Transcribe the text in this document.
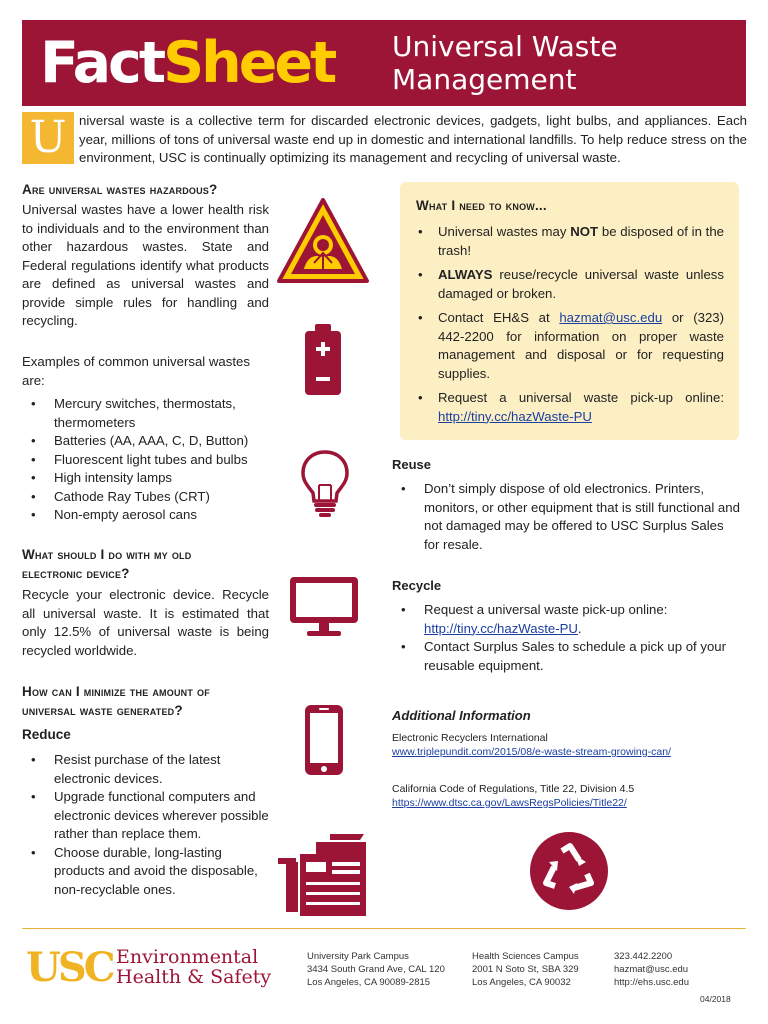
FactSheet Universal Waste
Management
U niversal waste is a collective term for discarded electronic devices, gadgets, light bulbs, and appliances. Each year, millions of tons of universal waste end up in domestic and international landfills. To help reduce stress on the environment, USC is continually optimizing its management and recycling of universal waste.
Are universal wastes hazardous?
Universal wastes have a lower health risk to individuals and to the environment than other hazardous wastes. State and Federal regulations identify what products are defined as universal wastes and provide simple rules for handling and recycling.
Examples of common universal wastes are:
• Mercury switches, thermostats, thermometers
• Batteries (AA, AAA, C, D, Button)
• Fluorescent light tubes and bulbs
• High intensity lamps
• Cathode Ray Tubes (CRT)
• Non-empty aerosol cans
What should I do with my old
electronic device?
Recycle your electronic device. Recycle all universal waste. It is estimated that only 12.5% of universal waste is being recycled worldwide.
How can I minimize the amount of
universal waste generated?
Reduce
• Resist purchase of the latest electronic devices.
• Upgrade functional computers and electronic devices wherever possible rather than replace them.
• Choose durable, long-lasting products and avoid the disposable, non-recyclable ones.
What I need to know...
• Universal wastes may NOT be disposed of in the trash!
• ALWAYS reuse/recycle universal waste unless damaged or broken.
• Contact EH&S at hazmat@usc.edu or (323) 442-2200 for information on proper waste management and disposal or for requesting supplies.
• Request a universal waste pick-up online: http://tiny.cc/hazWaste-PU
Reuse
• Don’t simply dispose of old electronics. Printers, monitors, or other equipment that is still functional and not damaged may be offered to USC Surplus Sales for resale.
Recycle
• Request a universal waste pick-up online:
http://tiny.cc/hazWaste-PU.
• Contact Surplus Sales to schedule a pick up of your reusable equipment.
Additional Information
Electronic Recyclers International
www.triplepundit.com/2015/08/e-waste-stream-growing-can/
California Code of Regulations, Title 22, Division 4.5
https://www.dtsc.ca.gov/LawsRegsPolicies/Title22/
USC Environmental
Health & Safety
University Park Campus
3434 South Grand Ave, CAL 120
Los Angeles, CA 90089-2815
Health Sciences Campus
2001 N Soto St, SBA 329
Los Angeles, CA 90032
323.442.2200
hazmat@usc.edu
http://ehs.usc.edu
04/2018
